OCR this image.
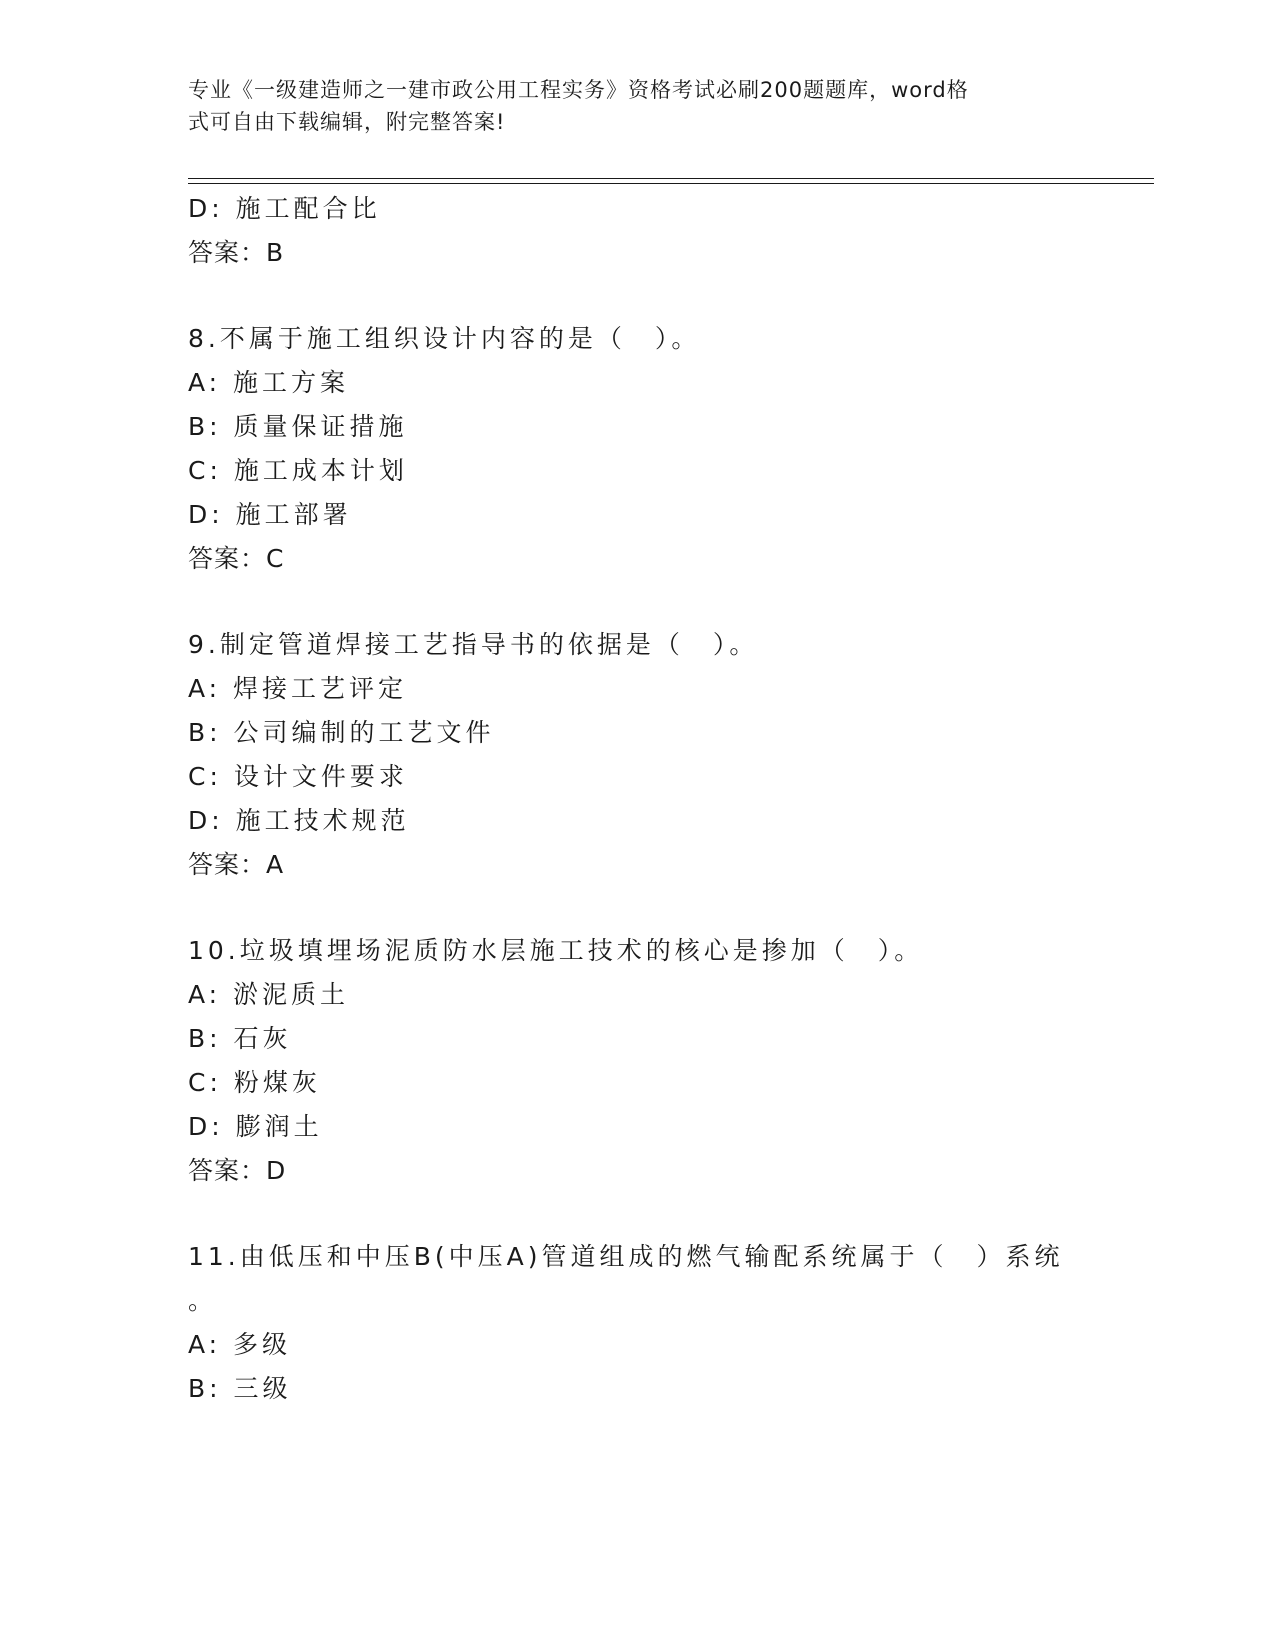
专业《一级建造师之一建市政公用工程实务》资格考试必刷200题题库，word格
式可自由下载编辑，附完整答案!
D: 施工配合比
答案：B
8.不属于施工组织设计内容的是（　）。
A: 施工方案
B: 质量保证措施
C: 施工成本计划
D: 施工部署
答案：C
9.制定管道焊接工艺指导书的依据是（　）。
A: 焊接工艺评定
B: 公司编制的工艺文件
C: 设计文件要求
D: 施工技术规范
答案：A
10.垃圾填埋场泥质防水层施工技术的核心是掺加（　）。
A: 淤泥质土
B: 石灰
C: 粉煤灰
D: 膨润土
答案：D
11.由低压和中压B(中压A)管道组成的燃气输配系统属于（　）系统
。
A: 多级
B: 三级
